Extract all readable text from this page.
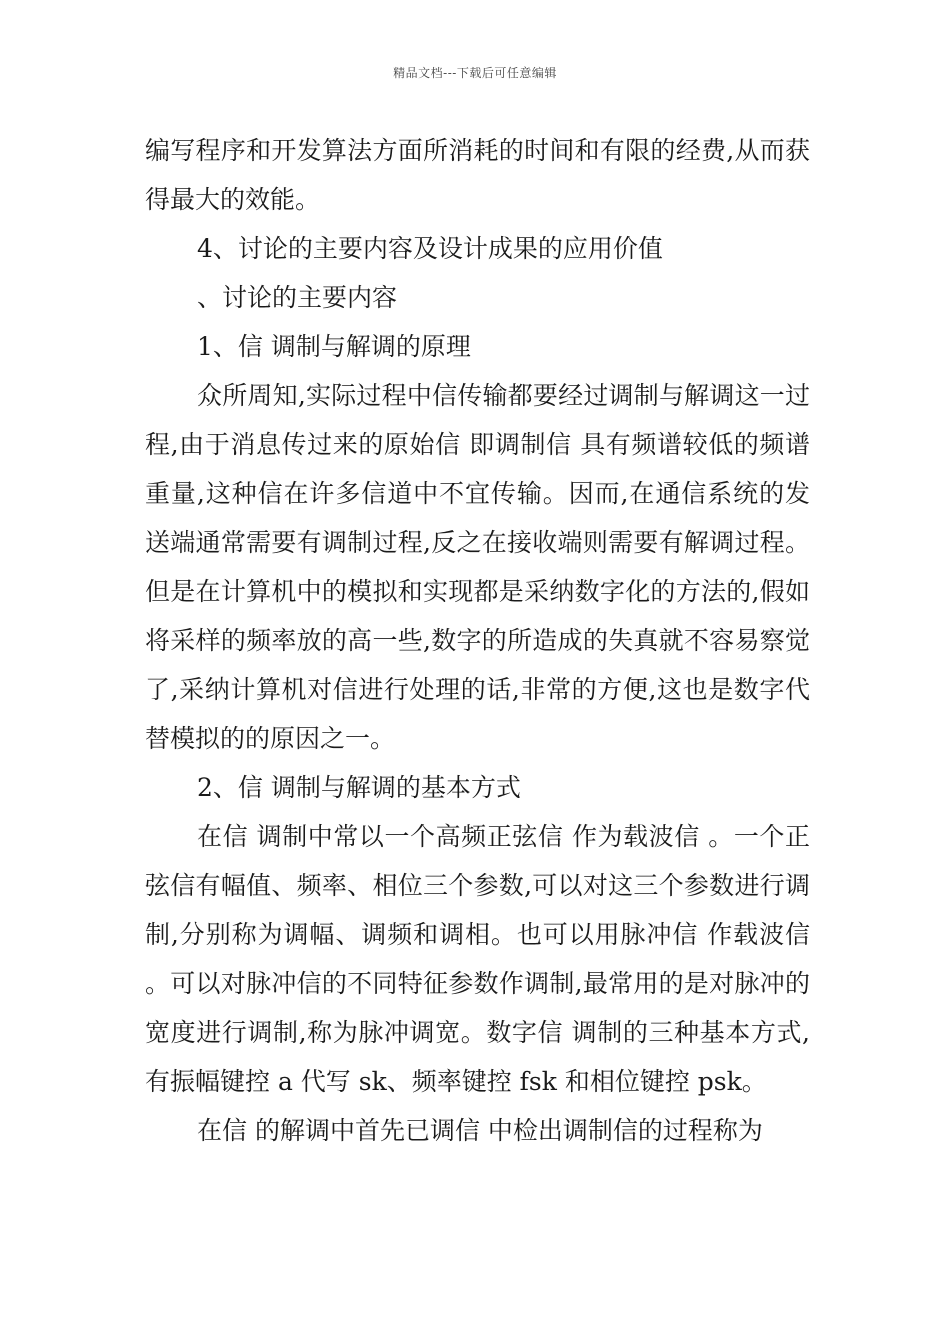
精品文档---下载后可任意编辑

编写程序和开发算法方面所消耗的时间和有限的经费,从而获得最大的效能。

4、讨论的主要内容及设计成果的应用价值

、讨论的主要内容

1、信 调制与解调的原理

众所周知,实际过程中信传输都要经过调制与解调这一过程,由于消息传过来的原始信 即调制信 具有频谱较低的频谱重量,这种信在许多信道中不宜传输。因而,在通信系统的发送端通常需要有调制过程,反之在接收端则需要有解调过程。但是在计算机中的模拟和实现都是采纳数字化的方法的,假如将采样的频率放的高一些,数字的所造成的失真就不容易察觉了,采纳计算机对信进行处理的话,非常的方便,这也是数字代替模拟的的原因之一。

2、信 调制与解调的基本方式

在信 调制中常以一个高频正弦信 作为载波信 。一个正弦信有幅值、频率、相位三个参数,可以对这三个参数进行调制,分别称为调幅、调频和调相。也可以用脉冲信 作载波信 。可以对脉冲信的不同特征参数作调制,最常用的是对脉冲的宽度进行调制,称为脉冲调宽。数字信 调制的三种基本方式,有振幅键控 a 代写 sk、频率键控 fsk 和相位键控 psk。

在信 的解调中首先已调信 中检出调制信的过程称为
